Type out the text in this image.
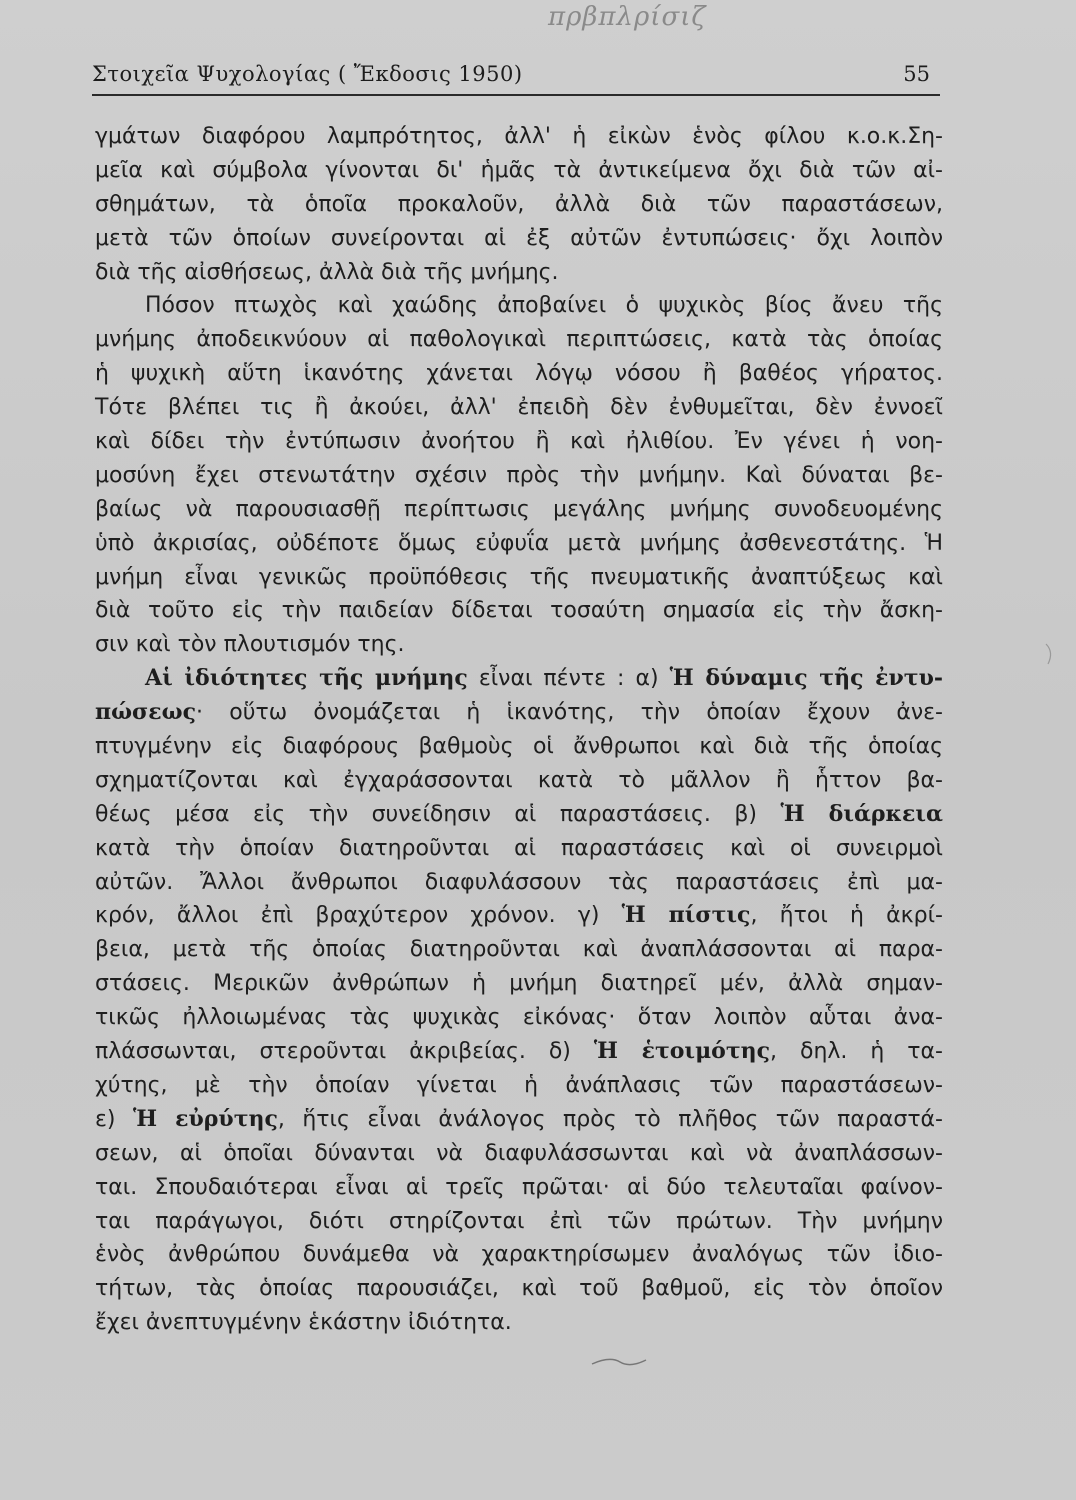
πρβπλρίσιζ
Στοιχεῖα Ψυχολογίας ( Ἔκδοσις 1950)	55
γμάτων διαφόρου λαμπρότητος, ἀλλ' ἡ εἰκὼν ἑνὸς φίλου κ.ο.κ.Ση-
μεῖα καὶ σύμβολα γίνονται δι' ἡμᾶς τὰ ἀντικείμενα ὄχι διὰ τῶν αἰ-
σθημάτων, τὰ ὁποῖα προκαλοῦν, ἀλλὰ διὰ τῶν παραστάσεων,
μετὰ τῶν ὁποίων συνείρονται αἱ ἐξ αὐτῶν ἐντυπώσεις· ὄχι λοιπὸν
διὰ τῆς αἰσθήσεως, ἀλλὰ διὰ τῆς μνήμης.
Πόσον πτωχὸς καὶ χαώδης ἀποβαίνει ὁ ψυχικὸς βίος ἄνευ τῆς
μνήμης ἀποδεικνύουν αἱ παθολογικαὶ περιπτώσεις, κατὰ τὰς ὁποίας
ἡ ψυχικὴ αὕτη ἱκανότης χάνεται λόγῳ νόσου ἢ βαθέος γήρατος.
Τότε βλέπει τις ἢ ἀκούει, ἀλλ' ἐπειδὴ δὲν ἐνθυμεῖται, δὲν ἐννοεῖ
καὶ δίδει τὴν ἐντύπωσιν ἀνοήτου ἢ καὶ ἠλιθίου. Ἐν γένει ἡ νοη-
μοσύνη ἔχει στενωτάτην σχέσιν πρὸς τὴν μνήμην. Καὶ δύναται βε-
βαίως νὰ παρουσιασθῇ περίπτωσις μεγάλης μνήμης συνοδευομένης
ὑπὸ ἀκρισίας, οὐδέποτε ὅμως εὐφυΐα μετὰ μνήμης ἀσθενεστάτης. Ἡ
μνήμη εἶναι γενικῶς προϋπόθεσις τῆς πνευματικῆς ἀναπτύξεως καὶ
διὰ τοῦτο εἰς τὴν παιδείαν δίδεται τοσαύτη σημασία εἰς τὴν ἄσκη-
σιν καὶ τὸν πλουτισμόν της.
Αἱ ἰδιότητες τῆς μνήμης εἶναι πέντε : α) Ἡ δύναμις τῆς ἐντυ-
πώσεως· οὕτω ὀνομάζεται ἡ ἱκανότης, τὴν ὁποίαν ἔχουν ἀνε-
πτυγμένην εἰς διαφόρους βαθμοὺς οἱ ἄνθρωποι καὶ διὰ τῆς ὁποίας
σχηματίζονται καὶ ἐγχαράσσονται κατὰ τὸ μᾶλλον ἢ ἧττον βα-
θέως μέσα εἰς τὴν συνείδησιν αἱ παραστάσεις. β) Ἡ διάρκεια
κατὰ τὴν ὁποίαν διατηροῦνται αἱ παραστάσεις καὶ οἱ συνειρμοὶ
αὐτῶν. Ἄλλοι ἄνθρωποι διαφυλάσσουν τὰς παραστάσεις ἐπὶ μα-
κρόν, ἄλλοι ἐπὶ βραχύτερον χρόνον. γ) Ἡ πίστις, ἤτοι ἡ ἀκρί-
βεια, μετὰ τῆς ὁποίας διατηροῦνται καὶ ἀναπλάσσονται αἱ παρα-
στάσεις. Μερικῶν ἀνθρώπων ἡ μνήμη διατηρεῖ μέν, ἀλλὰ σημαν-
τικῶς ἠλλοιωμένας τὰς ψυχικὰς εἰκόνας· ὅταν λοιπὸν αὗται ἀνα-
πλάσσωνται, στεροῦνται ἀκριβείας. δ) Ἡ ἑτοιμότης, δηλ. ἡ τα-
χύτης, μὲ τὴν ὁποίαν γίνεται ἡ ἀνάπλασις τῶν παραστάσεων-
ε) Ἡ εὐρύτης, ἥτις εἶναι ἀνάλογος πρὸς τὸ πλῆθος τῶν παραστά-
σεων, αἱ ὁποῖαι δύνανται νὰ διαφυλάσσωνται καὶ νὰ ἀναπλάσσων-
ται. Σπουδαιότεραι εἶναι αἱ τρεῖς πρῶται· αἱ δύο τελευταῖαι φαίνον-
ται παράγωγοι, διότι στηρίζονται ἐπὶ τῶν πρώτων. Τὴν μνήμην
ἑνὸς ἀνθρώπου δυνάμεθα νὰ χαρακτηρίσωμεν ἀναλόγως τῶν ἰδιο-
τήτων, τὰς ὁποίας παρουσιάζει, καὶ τοῦ βαθμοῦ, εἰς τὸν ὁποῖον
ἔχει ἀνεπτυγμένην ἑκάστην ἰδιότητα.
